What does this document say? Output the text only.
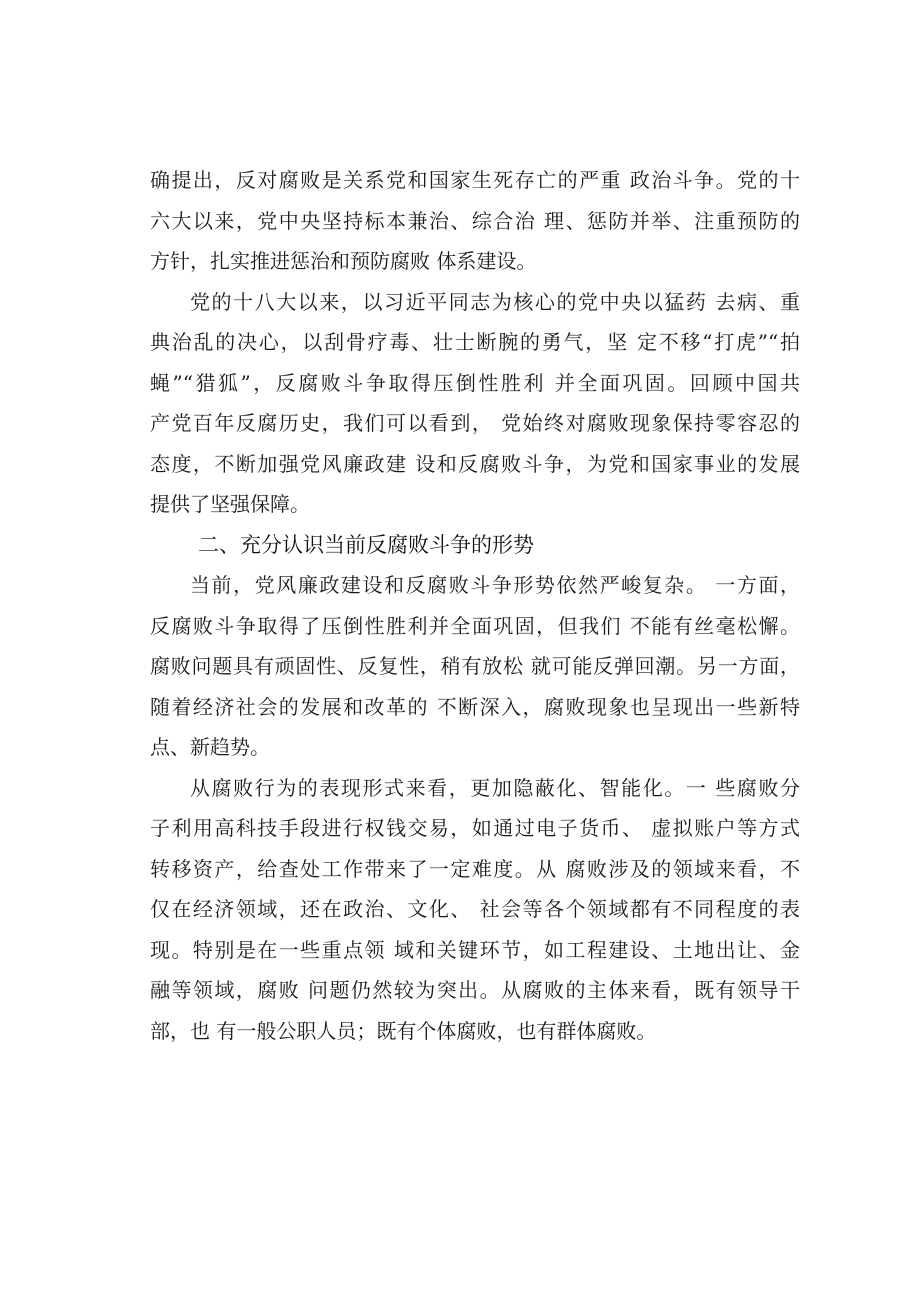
确提出，反对腐败是关系党和国家生死存亡的严重 政治斗争。党的十
六大以来，党中央坚持标本兼治、综合治 理、惩防并举、注重预防的
方针，扎实推进惩治和预防腐败 体系建设。
党的十八大以来，以习近平同志为核心的党中央以猛药 去病、重
典治乱的决心，以刮骨疗毒、壮士断腕的勇气，坚 定不移“打虎”“拍
蝇”“猎狐”，反腐败斗争取得压倒性胜利 并全面巩固。回顾中国共
产党百年反腐历史，我们可以看到， 党始终对腐败现象保持零容忍的
态度，不断加强党风廉政建 设和反腐败斗争，为党和国家事业的发展
提供了坚强保障。
二、充分认识当前反腐败斗争的形势
当前，党风廉政建设和反腐败斗争形势依然严峻复杂。 一方面，
反腐败斗争取得了压倒性胜利并全面巩固，但我们 不能有丝毫松懈。
腐败问题具有顽固性、反复性，稍有放松 就可能反弹回潮。另一方面，
随着经济社会的发展和改革的 不断深入，腐败现象也呈现出一些新特
点、新趋势。
从腐败行为的表现形式来看，更加隐蔽化、智能化。一 些腐败分
子利用高科技手段进行权钱交易，如通过电子货币、 虚拟账户等方式
转移资产，给查处工作带来了一定难度。从 腐败涉及的领域来看，不
仅在经济领域，还在政治、文化、 社会等各个领域都有不同程度的表
现。特别是在一些重点领 域和关键环节，如工程建设、土地出让、金
融等领域，腐败 问题仍然较为突出。从腐败的主体来看，既有领导干
部，也 有一般公职人员；既有个体腐败，也有群体腐败。
